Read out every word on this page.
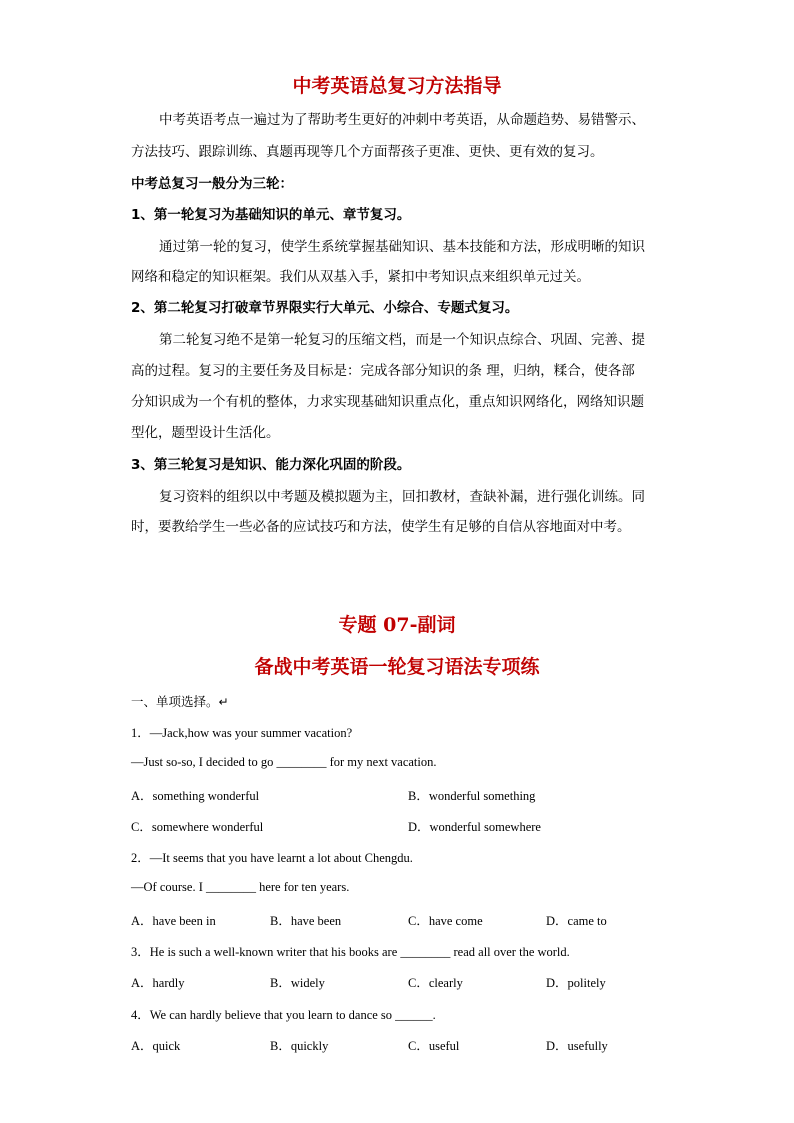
中考英语总复习方法指导
中考英语考点一遍过为了帮助考生更好的冲刺中考英语，从命题趋势、易错警示、
方法技巧、跟踪训练、真题再现等几个方面帮孩子更准、更快、更有效的复习。
中考总复习一般分为三轮：
1、第一轮复习为基础知识的单元、章节复习。
通过第一轮的复习，使学生系统掌握基础知识、基本技能和方法，形成明晰的知识
网络和稳定的知识框架。我们从双基入手，紧扣中考知识点来组织单元过关。
2、第二轮复习打破章节界限实行大单元、小综合、专题式复习。
第二轮复习绝不是第一轮复习的压缩文档，而是一个知识点综合、巩固、完善、提
高的过程。复习的主要任务及目标是：完成各部分知识的条 理，归纳，糅合，使各部
分知识成为一个有机的整体，力求实现基础知识重点化，重点知识网络化，网络知识题
型化，题型设计生活化。
3、第三轮复习是知识、能力深化巩固的阶段。
复习资料的组织以中考题及模拟题为主，回扣教材，查缺补漏，进行强化训练。同
时，要教给学生一些必备的应试技巧和方法，使学生有足够的自信从容地面对中考。
专题 07-副词
备战中考英语一轮复习语法专项练
一、单项选择。↵
1．—Jack,how was your summer vacation?
—Just so-so, I decided to go ________ for my next vacation.
A．something wonderful	B．wonderful something
C．somewhere wonderful	D．wonderful somewhere
2．—It seems that you have learnt a lot about Chengdu.
—Of course. I ________ here for ten years.
A．have been in	B．have been	C．have come	D．came to
3．He is such a well-known writer that his books are ________ read all over the world.
A．hardly	B．widely	C．clearly	D．politely
4．We can hardly believe that you learn to dance so ______.
A．quick	B．quickly	C．useful	D．usefully
